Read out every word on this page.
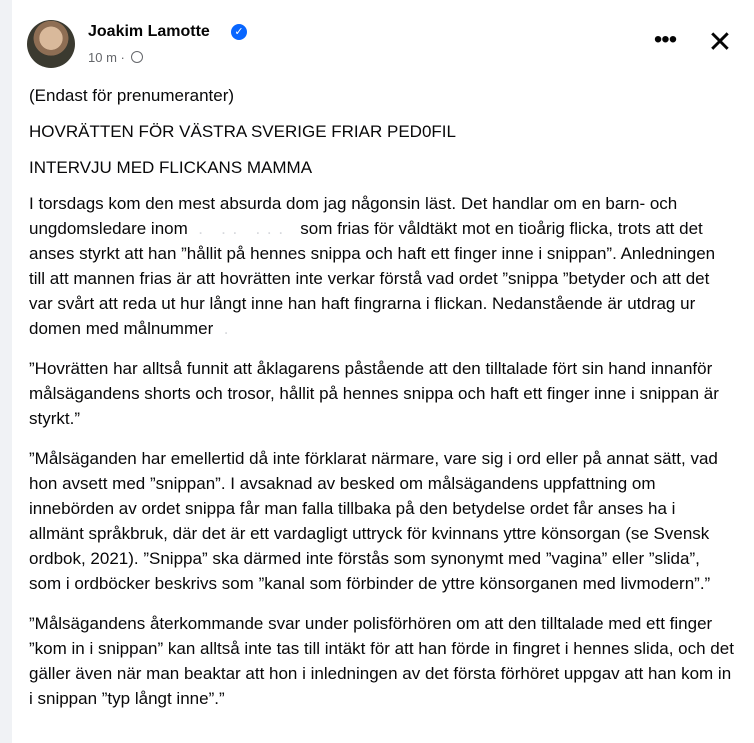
Joakim Lamotte	✓
10 m ·
••• ✕

(Endast för prenumeranter)

HOVRÄTTEN FÖR VÄSTRA SVERIGE FRIAR PED0FIL

INTERVJU MED FLICKANS MAMMA

I torsdags kom den mest absurda dom jag någonsin läst. Det handlar om en barn- och ungdomsledare inom  .   . .   . . .   som frias för våldtäkt mot en tioårig flicka, trots att det anses styrkt att han ”hållit på hennes snippa och haft ett finger inne i snippan”. Anledningen till att mannen frias är att hovrätten inte verkar förstå vad ordet ”snippa ”betyder och att det var svårt att reda ut hur långt inne han haft fingrarna i flickan. Nedanstående är utdrag ur domen med målnummer  .

”Hovrätten har alltså funnit att åklagarens påstående att den tilltalade fört sin hand innanför målsägandens shorts och trosor, hållit på hennes snippa och haft ett finger inne i snippan är styrkt.”

”Målsäganden har emellertid då inte förklarat närmare, vare sig i ord eller på annat sätt, vad hon avsett med ”snippan”. I avsaknad av besked om målsägandens uppfattning om innebörden av ordet snippa får man falla tillbaka på den betydelse ordet får anses ha i allmänt språkbruk, där det är ett vardagligt uttryck för kvinnans yttre könsorgan (se Svensk ordbok, 2021). ”Snippa” ska därmed inte förstås som synonymt med ”vagina” eller ”slida”, som i ordböcker beskrivs som ”kanal som förbinder de yttre könsorganen med livmodern”.”

”Målsägandens återkommande svar under polisförhören om att den tilltalade med ett finger ”kom in i snippan” kan alltså inte tas till intäkt för att han förde in fingret i hennes slida, och det gäller även när man beaktar att hon i inledningen av det första förhöret uppgav att han kom in i snippan ”typ långt inne”.”
